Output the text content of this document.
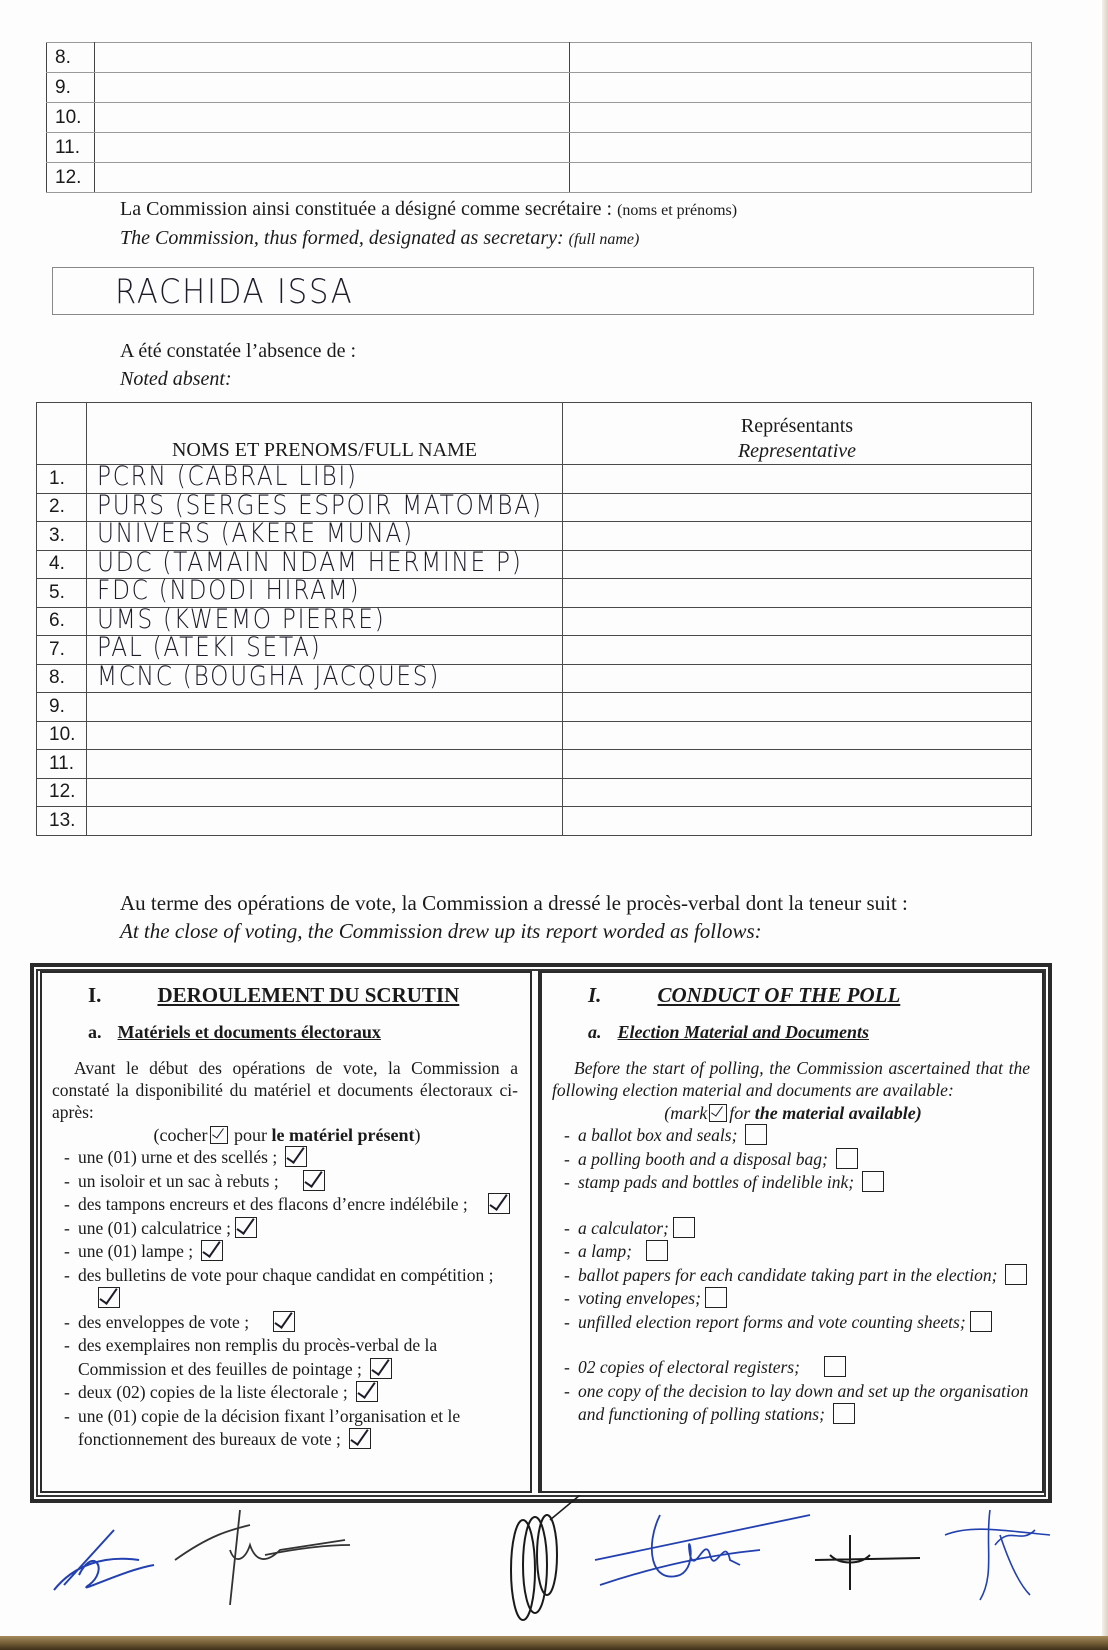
8.		
9.		
10.		
11.		
12.		
La Commission ainsi constituée a désigné comme secrétaire : (noms et prénoms)
The Commission, thus formed, designated as secretary: (full name)
RACHIDA ISSA
A été constatée l’absence de :
Noted absent:
	NOMS ET PRENOMS/FULL NAME	Représentants
Representative

1.	PCRN (CABRAL LIBI)	

2.	PURS (SERGES ESPOIR MATOMBA)	

3.	UNIVERS (AKERE MUNA)	

4.	UDC (TAMAIN NDAM HERMINE P)	

5.	FDC (NDODI HIRAM)	

6.	UMS (KWEMO PIERRE)	

7.	PAL (ATEKI SETA)	

8.	MCNC (BOUGHA JACQUES)	

9.		
10.		
11.		
12.		
13.		
Au terme des opérations de vote, la Commission a dressé le procès-verbal dont la teneur suit :
At the close of voting, the Commission drew up its report worded as follows:
I.	DEROULEMENT DU SCRUTIN
a. Matériels et documents électoraux
Avant le début des opérations de vote, la Commission a constaté la disponibilité du matériel et documents électoraux ci-après:
(cocher pour le matériel présent)
- une (01) urne et des scellés ;
- un isoloir et un sac à rebuts ;
- des tampons encreurs et des flacons d’encre indélébile ;
- une (01) calculatrice ;
- une (01) lampe ;
- des bulletins de vote pour chaque candidat en compétition ;
- des enveloppes de vote ;
- des exemplaires non remplis du procès-verbal de la Commission et des feuilles de pointage ;
- deux (02) copies de la liste électorale ;
- une (01) copie de la décision fixant l’organisation et le fonctionnement des bureaux de vote ;
I.	CONDUCT OF THE POLL
a. Election Material and Documents
Before the start of polling, the Commission ascertained that the following election material and documents are available:
(mark for the material available)
- a ballot box and seals;
- a polling booth and a disposal bag;
- stamp pads and bottles of indelible ink;
- a calculator;
- a lamp;
- ballot papers for each candidate taking part in the election;
- voting envelopes;
- unfilled election report forms and vote counting sheets;
- 02 copies of electoral registers;
- one copy of the decision to lay down and set up the organisation and functioning of polling stations;
